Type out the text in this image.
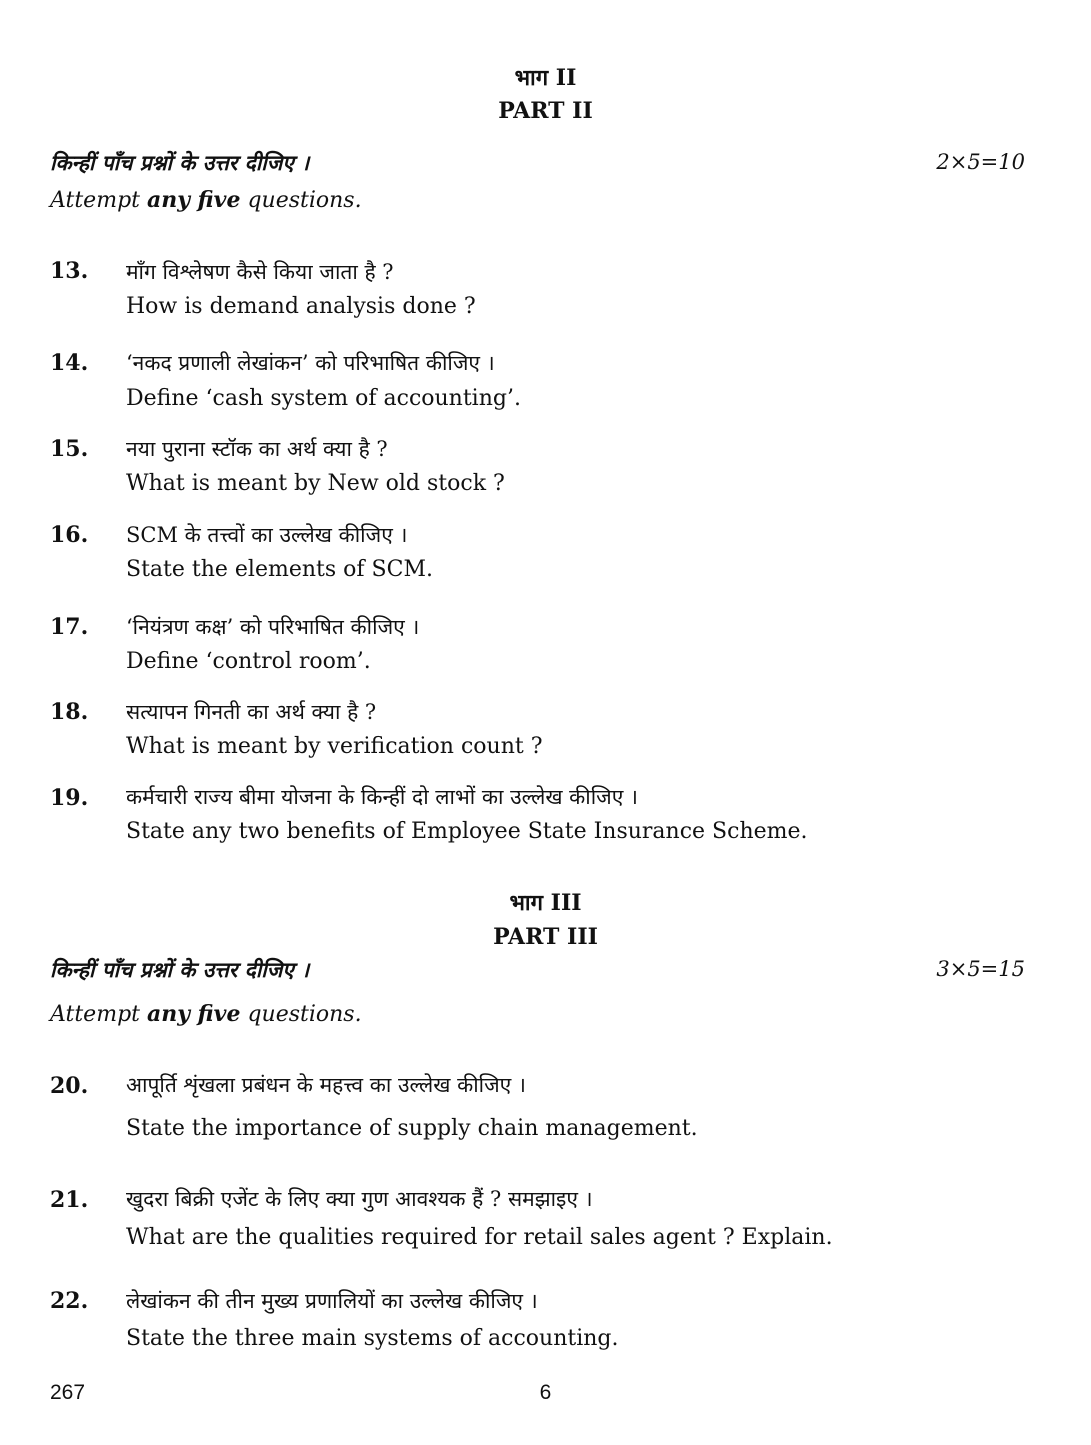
भाग II
PART II
किन्हीं पाँच प्रश्नों के उत्तर दीजिए ।	2×5=10
Attempt any five questions.
13. माँग विश्लेषण कैसे किया जाता है ?
How is demand analysis done ?
14. ‘नकद प्रणाली लेखांकन’ को परिभाषित कीजिए ।
Define ‘cash system of accounting’.
15. नया पुराना स्टॉक का अर्थ क्या है ?
What is meant by New old stock ?
16. SCM के तत्त्वों का उल्लेख कीजिए ।
State the elements of SCM.
17. ‘नियंत्रण कक्ष’ को परिभाषित कीजिए ।
Define ‘control room’.
18. सत्यापन गिनती का अर्थ क्या है ?
What is meant by verification count ?
19. कर्मचारी राज्य बीमा योजना के किन्हीं दो लाभों का उल्लेख कीजिए ।
State any two benefits of Employee State Insurance Scheme.
भाग III
PART III
किन्हीं पाँच प्रश्नों के उत्तर दीजिए ।	3×5=15
Attempt any five questions.
20. आपूर्ति शृंखला प्रबंधन के महत्त्व का उल्लेख कीजिए ।
State the importance of supply chain management.
21. खुदरा बिक्री एजेंट के लिए क्या गुण आवश्यक हैं ? समझाइए ।
What are the qualities required for retail sales agent ? Explain.
22. लेखांकन की तीन मुख्य प्रणालियों का उल्लेख कीजिए ।
State the three main systems of accounting.
267	6
